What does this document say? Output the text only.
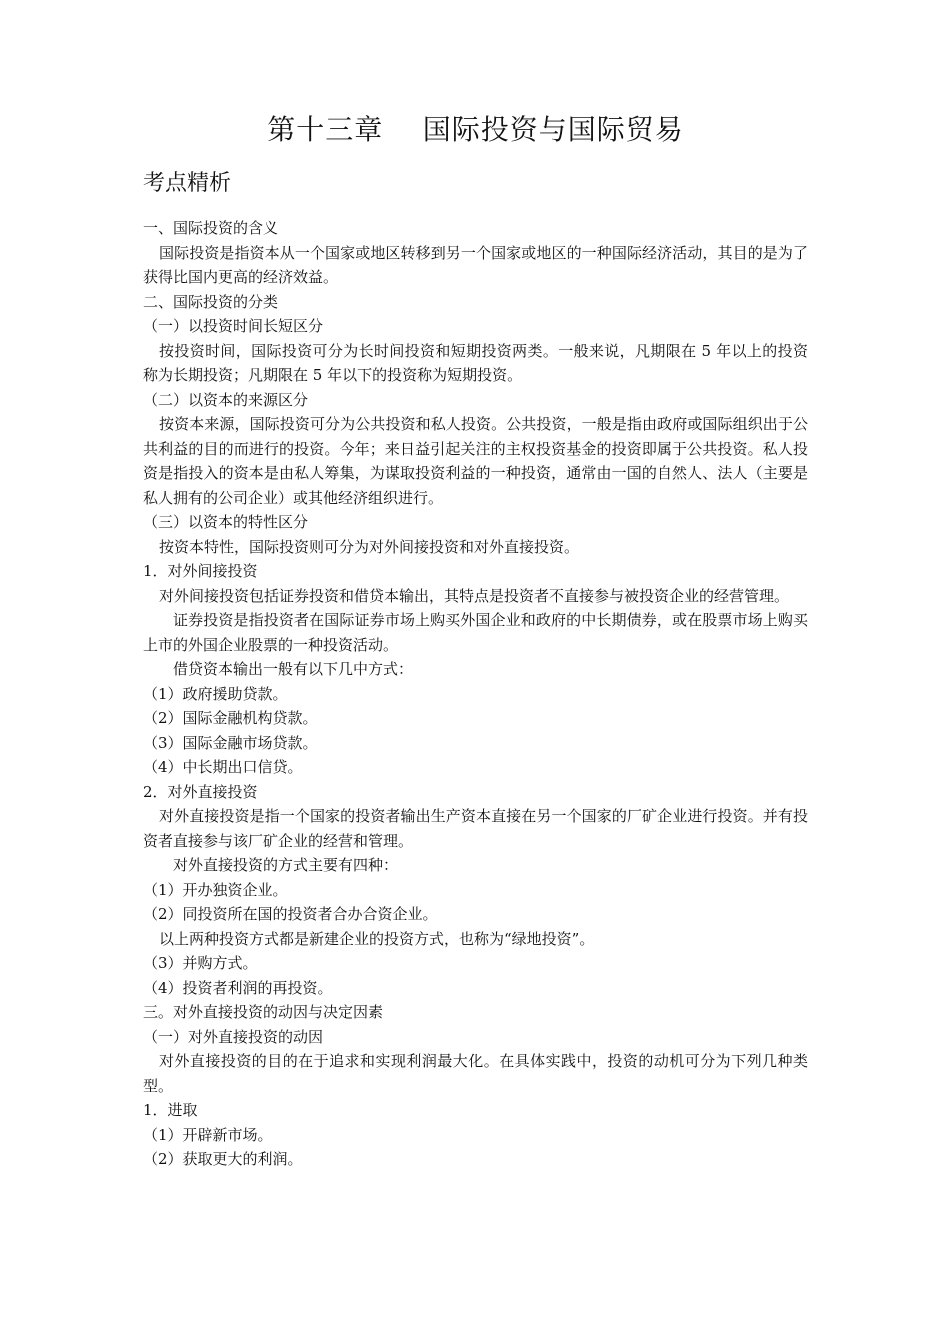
第十三章    国际投资与国际贸易
考点精析

一、国际投资的含义

国际投资是指资本从一个国家或地区转移到另一个国家或地区的一种国际经济活动，其目的是为了获得比国内更高的经济效益。

二、国际投资的分类

（一）以投资时间长短区分

按投资时间，国际投资可分为长时间投资和短期投资两类。一般来说，凡期限在 5 年以上的投资称为长期投资；凡期限在 5 年以下的投资称为短期投资。

（二）以资本的来源区分

按资本来源，国际投资可分为公共投资和私人投资。公共投资，一般是指由政府或国际组织出于公共利益的目的而进行的投资。今年；来日益引起关注的主权投资基金的投资即属于公共投资。私人投资是指投入的资本是由私人筹集，为谋取投资利益的一种投资，通常由一国的自然人、法人（主要是私人拥有的公司企业）或其他经济组织进行。

（三）以资本的特性区分

按资本特性，国际投资则可分为对外间接投资和对外直接投资。

1．对外间接投资

对外间接投资包括证券投资和借贷本输出，其特点是投资者不直接参与被投资企业的经营管理。

证券投资是指投资者在国际证券市场上购买外国企业和政府的中长期债券，或在股票市场上购买上市的外国企业股票的一种投资活动。

借贷资本输出一般有以下几中方式：

（1）政府援助贷款。

（2）国际金融机构贷款。

（3）国际金融市场贷款。

（4）中长期出口信贷。

2．对外直接投资

对外直接投资是指一个国家的投资者输出生产资本直接在另一个国家的厂矿企业进行投资。并有投资者直接参与该厂矿企业的经营和管理。

对外直接投资的方式主要有四种：

（1）开办独资企业。

（2）同投资所在国的投资者合办合资企业。

以上两种投资方式都是新建企业的投资方式，也称为“绿地投资”。

（3）并购方式。

（4）投资者利润的再投资。

三。对外直接投资的动因与决定因素

（一）对外直接投资的动因

对外直接投资的目的在于追求和实现利润最大化。在具体实践中，投资的动机可分为下列几种类型。

1．进取

（1）开辟新市场。

（2）获取更大的利润。
